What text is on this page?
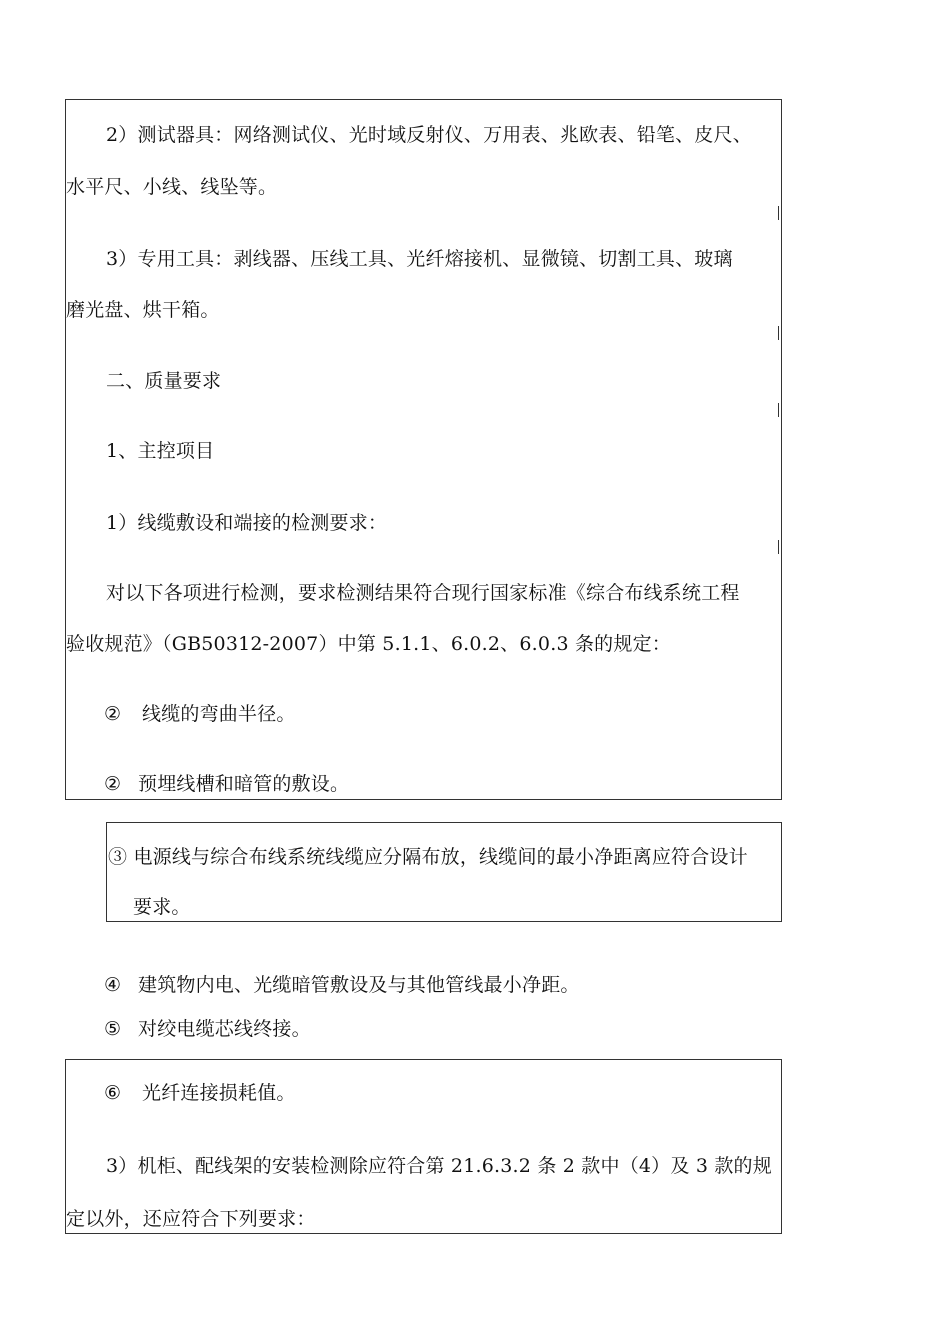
2）测试器具：网络测试仪、光时域反射仪、万用表、兆欧表、铅笔、皮尺、
水平尺、小线、线坠等。
3）专用工具：剥线器、压线工具、光纤熔接机、显微镜、切割工具、玻璃
磨光盘、烘干箱。
二、质量要求
1、主控项目
1）线缆敷设和端接的检测要求：
对以下各项进行检测，要求检测结果符合现行国家标准《综合布线系统工程
验收规范》（GB50312-2007）中第 5.1.1、6.0.2、6.0.3 条的规定：
② 线缆的弯曲半径。
② 预埋线槽和暗管的敷设。
③ 电源线与综合布线系统线缆应分隔布放，线缆间的最小净距离应符合设计
要求。
④ 建筑物内电、光缆暗管敷设及与其他管线最小净距。
⑤ 对绞电缆芯线终接。
⑥ 光纤连接损耗值。
3）机柜、配线架的安装检测除应符合第 21.6.3.2 条 2 款中（4）及 3 款的规
定以外，还应符合下列要求：
